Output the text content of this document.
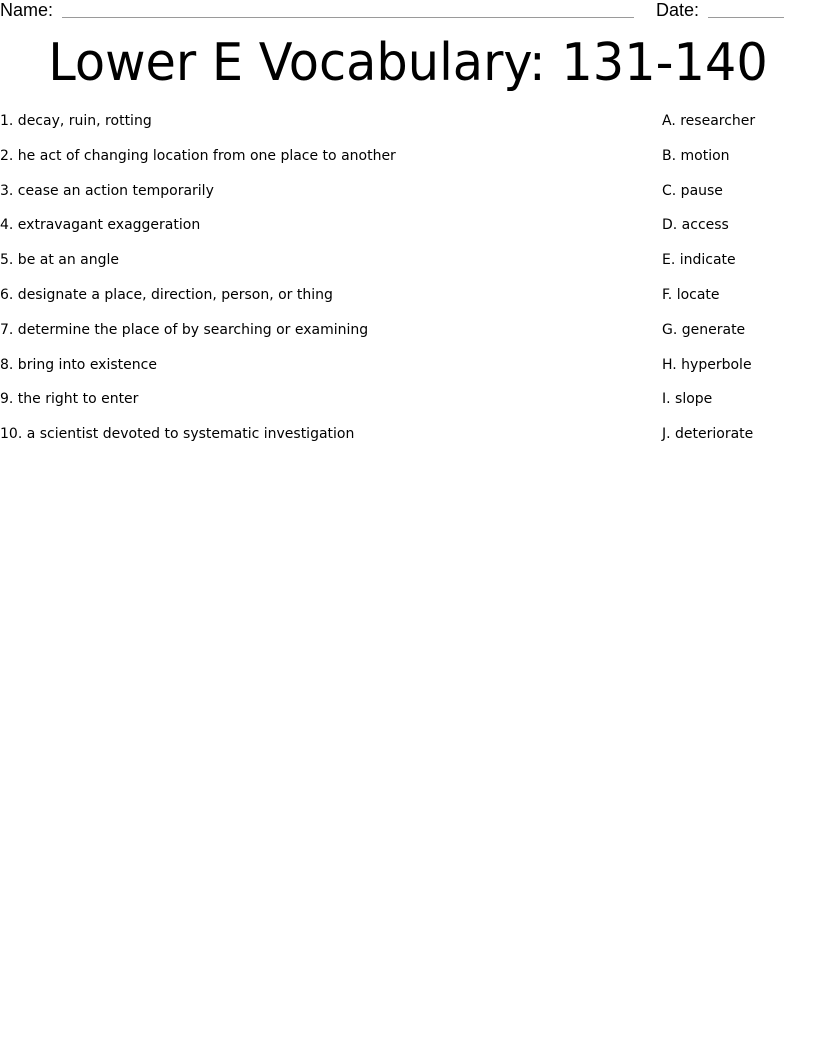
Name:	Date:
Lower E Vocabulary: 131-140
1. decay, ruin, rotting
2. he act of changing location from one place to another
3. cease an action temporarily
4. extravagant exaggeration
5. be at an angle
6. designate a place, direction, person, or thing
7. determine the place of by searching or examining
8. bring into existence
9. the right to enter
10. a scientist devoted to systematic investigation
A. researcher
B. motion
C. pause
D. access
E. indicate
F. locate
G. generate
H. hyperbole
I. slope
J. deteriorate
